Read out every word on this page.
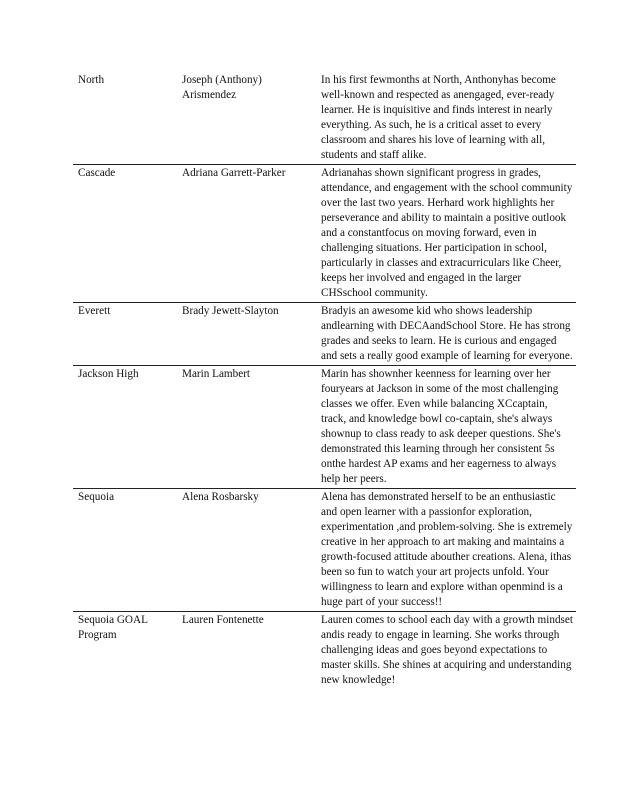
North	Joseph (Anthony) Arismendez	In his first fewmonths at North, Anthonyhas become well-known and respected as anengaged, ever-ready learner. He is inquisitive and finds interest in nearly everything. As such, he is a critical asset to every classroom and shares his love of learning with all, students and staff alike.
Cascade	Adriana Garrett-Parker	Adrianahas shown significant progress in grades, attendance, and engagement with the school community over the last two years. Herhard work highlights her perseverance and ability to maintain a positive outlook and a constantfocus on moving forward, even in challenging situations. Her participation in school, particularly in classes and extracurriculars like Cheer, keeps her involved and engaged in the larger CHSschool community.
Everett	Brady Jewett-Slayton	Bradyis an awesome kid who shows leadership andlearning with DECAandSchool Store. He has strong grades and seeks to learn. He is curious and engaged and sets a really good example of learning for everyone.
Jackson High	Marin Lambert	Marin has shownher keenness for learning over her fouryears at Jackson in some of the most challenging classes we offer. Even while balancing XCcaptain, track, and knowledge bowl co-captain, she's always shownup to class ready to ask deeper questions. She's demonstrated this learning through her consistent 5s onthe hardest AP exams and her eagerness to always help her peers.
Sequoia	Alena Rosbarsky	Alena has demonstrated herself to be an enthusiastic and open learner with a passionfor exploration, experimentation ,and problem-solving. She is extremely creative in her approach to art making and maintains a growth-focused attitude abouther creations. Alena, ithas been so fun to watch your art projects unfold. Your willingness to learn and explore withan openmind is a huge part of your success!!
Sequoia GOAL Program	Lauren Fontenette	Lauren comes to school each day with a growth mindset andis ready to engage in learning. She works through challenging ideas and goes beyond expectations to master skills. She shines at acquiring and understanding new knowledge!
